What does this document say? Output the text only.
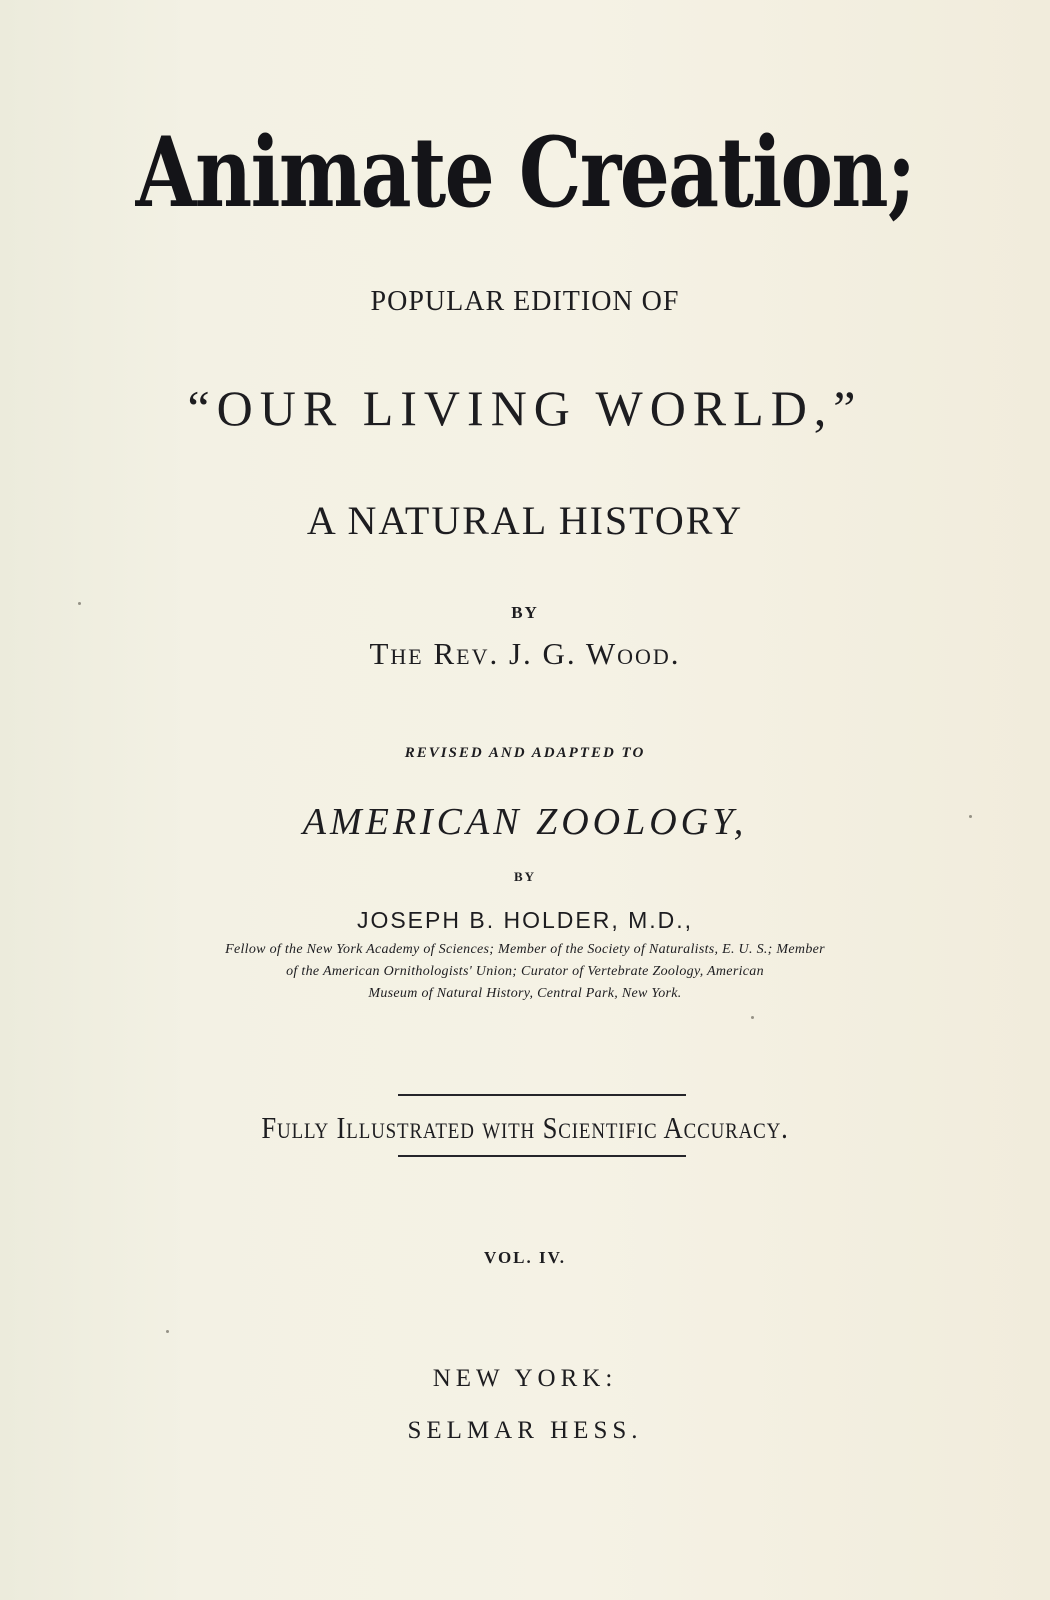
Animate Creation;
POPULAR EDITION OF
“OUR LIVING WORLD,”
A NATURAL HISTORY
BY
The Rev. J. G. Wood.
REVISED AND ADAPTED TO
AMERICAN ZOOLOGY,
BY
JOSEPH B. HOLDER, M.D.,
Fellow of the New York Academy of Sciences; Member of the Society of Naturalists, E. U. S.; Member
of the American Ornithologists' Union; Curator of Vertebrate Zoology, American
Museum of Natural History, Central Park, New York.
Fully Illustrated with Scientific Accuracy.
VOL. IV.
NEW YORK:
SELMAR HESS.
